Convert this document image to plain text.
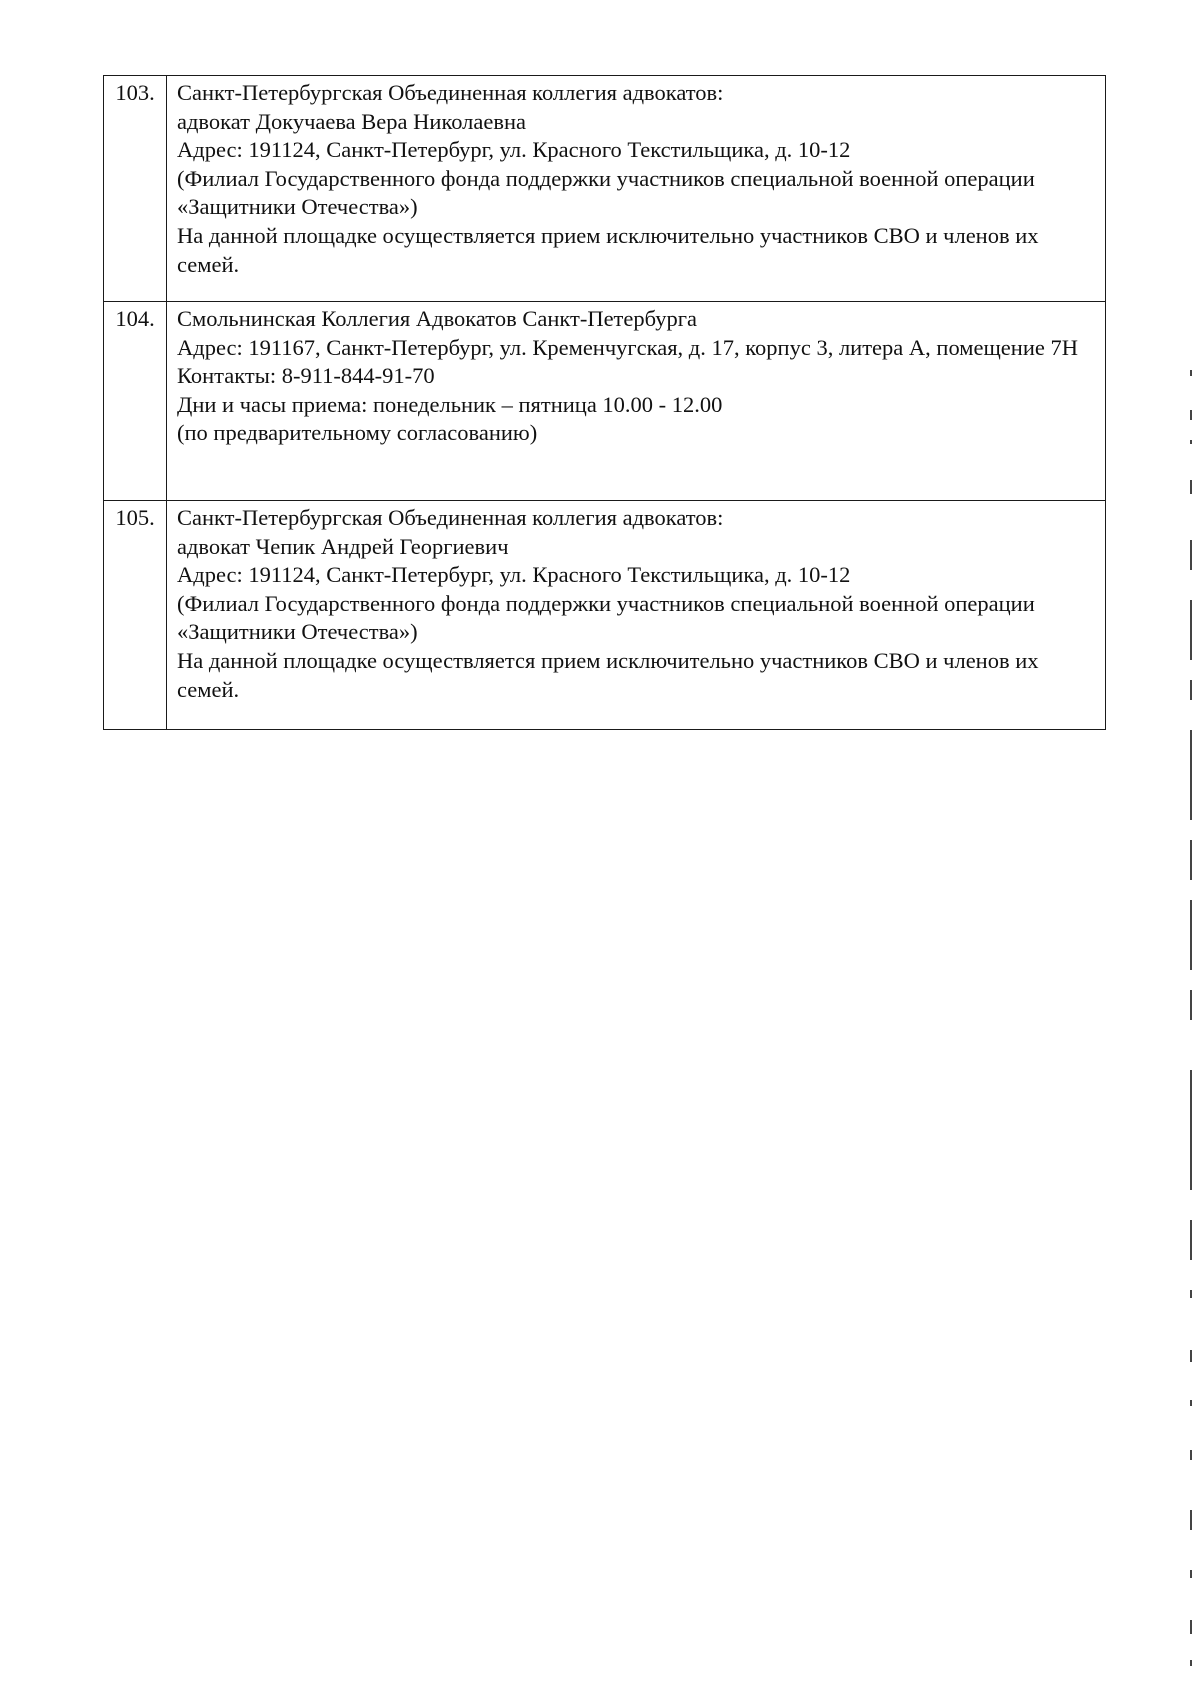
103.	Санкт-Петербургская Объединенная коллегия адвокатов:
адвокат Докучаева Вера Николаевна
Адрес: 191124, Санкт-Петербург, ул. Красного Текстильщика, д. 10-12
(Филиал Государственного фонда поддержки участников специальной военной операции «Защитники Отечества»)
На данной площадке осуществляется прием исключительно участников СВО и членов их семей.

104.	Смольнинская Коллегия Адвокатов Санкт-Петербурга
Адрес: 191167, Санкт-Петербург, ул. Кременчугская, д. 17, корпус 3, литера А, помещение 7Н
Контакты: 8-911-844-91-70
Дни и часы приема: понедельник – пятница 10.00 - 12.00
(по предварительному согласованию)

105.	Санкт-Петербургская Объединенная коллегия адвокатов:
адвокат Чепик Андрей Георгиевич
Адрес: 191124, Санкт-Петербург, ул. Красного Текстильщика, д. 10-12
(Филиал Государственного фонда поддержки участников специальной военной операции «Защитники Отечества»)
На данной площадке осуществляется прием исключительно участников СВО и членов их семей.
